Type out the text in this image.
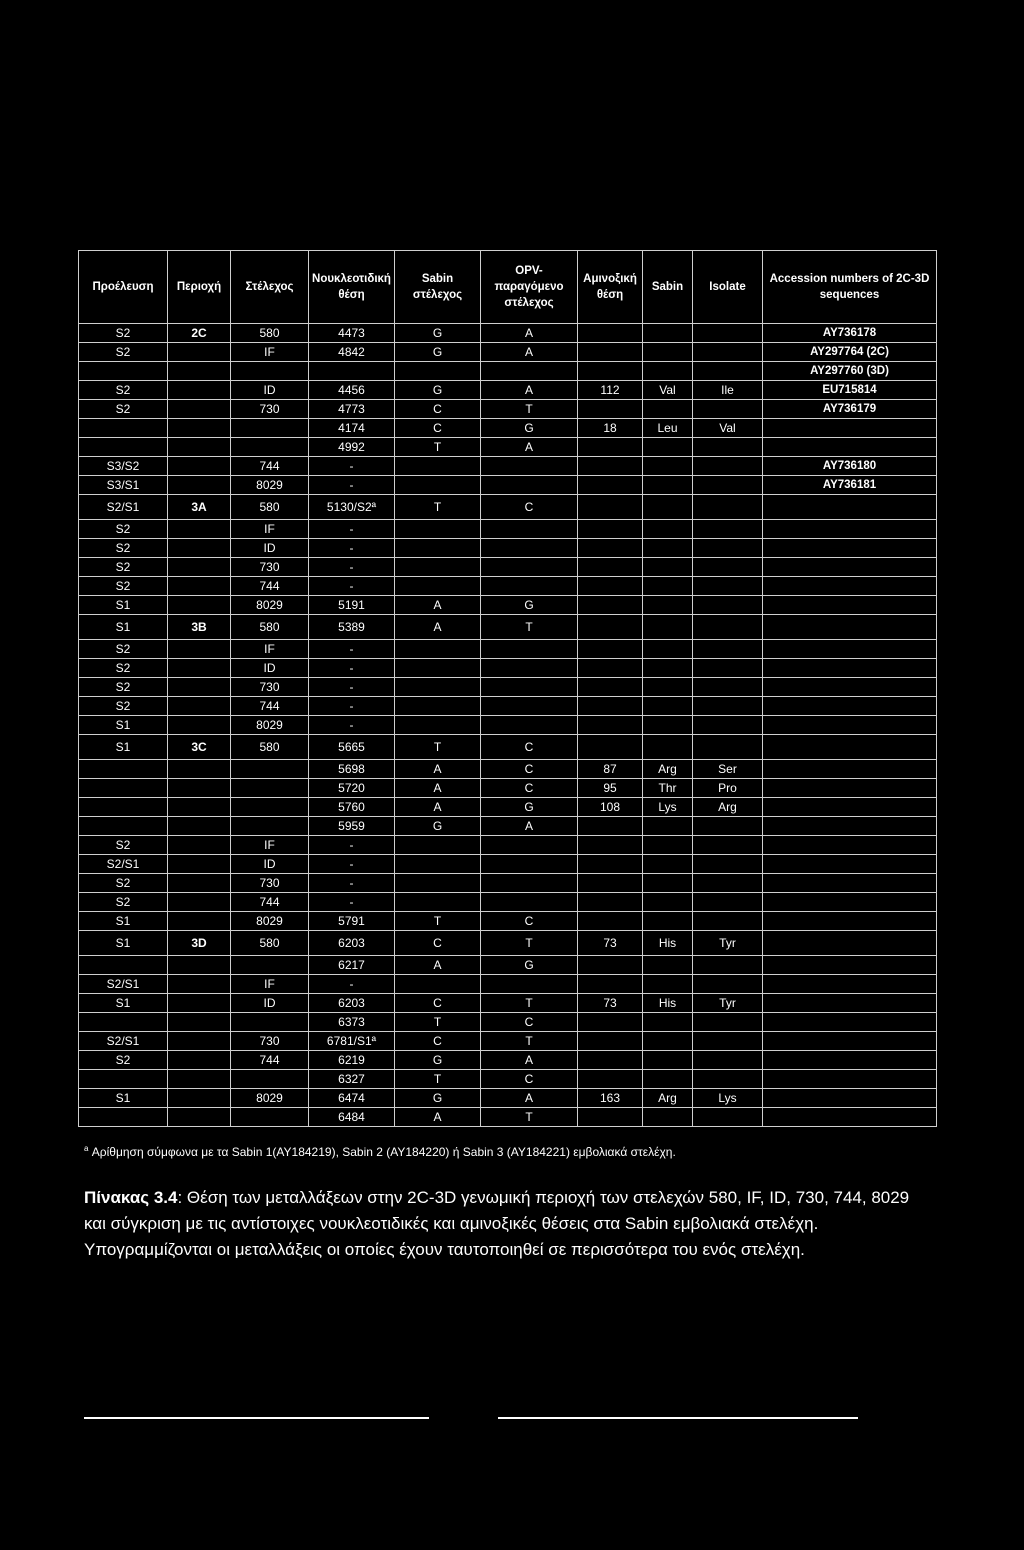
Προέλευση	Περιοχή	Στέλεχος	Νουκλεοτιδική θέση	Sabin στέλεχος	OPV-παραγόμενο στέλεχος	Αμινοξική θέση	Sabin	Isolate	Accession numbers of 2C-3D sequences
S2	2C	580	4473	G	A				AY736178
S2		IF	4842	G	A				AY297764 (2C)
									AY297760 (3D)
S2		ID	4456	G	A	112	Val	Ile	EU715814
S2		730	4773	C	T				AY736179
			4174	C	G	18	Leu	Val	
			4992	T	A				
S3/S2		744	-						AY736180
S3/S1		8029	-						AY736181
S2/S1	3A	580	5130/S2ª	T	C				
S2		IF	-						
S2		ID	-						
S2		730	-						
S2		744	-						
S1		8029	5191	A	G				
S1	3B	580	5389	A	T				
S2		IF	-						
S2		ID	-						
S2		730	-						
S2		744	-						
S1		8029	-						
S1	3C	580	5665	T	C				
			5698	A	C	87	Arg	Ser	
			5720	A	C	95	Thr	Pro	
			5760	A	G	108	Lys	Arg	
			5959	G	A				
S2		IF	-						
S2/S1		ID	-						
S2		730	-						
S2		744	-						
S1		8029	5791	T	C				
S1	3D	580	6203	C	T	73	His	Tyr	
			6217	A	G				
S2/S1		IF	-						
S1		ID	6203	C	T	73	His	Tyr	
			6373	T	C				
S2/S1		730	6781/S1ª	C	T				
S2		744	6219	G	A				
			6327	T	C				
S1		8029	6474	G	A	163	Arg	Lys	
			6484	A	T				
$^a$ Αρίθμηση σύμφωνα με τα Sabin 1(AY184219), Sabin 2 (AY184220) ή Sabin 3 (AY184221) εμβολιακά στελέχη.
Πίνακας 3.4: Θέση των μεταλλάξεων στην 2C-3D γενωμική περιοχή των στελεχών 580, IF, ID, 730, 744, 8029 και σύγκριση με τις αντίστοιχες νουκλεοτιδικές και αμινοξικές θέσεις στα Sabin εμβολιακά στελέχη. Υπογραμμίζονται οι μεταλλάξεις οι οποίες έχουν ταυτοποιηθεί σε περισσότερα του ενός στελέχη.
